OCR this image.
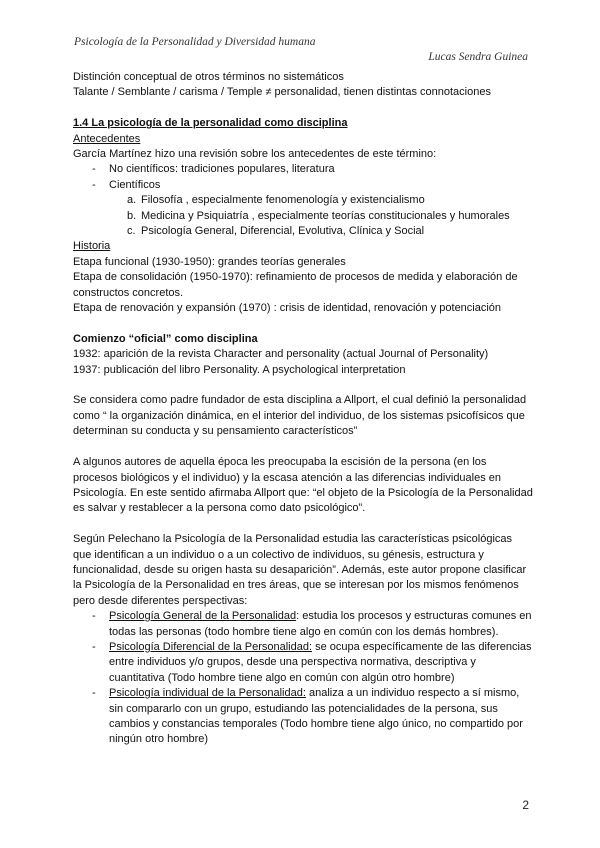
Psicología de la Personalidad y Diversidad humana
Lucas Sendra Guinea

Distinción conceptual de otros términos no sistemáticos

Talante / Semblante / carisma / Temple ≠ personalidad, tienen distintas connotaciones

1.4 La psicología de la personalidad como disciplina

Antecedentes

García Martínez hizo una revisión sobre los antecedentes de este término:

- No científicos: tradiciones populares, literatura
- Científicos
a. Filosofía , especialmente fenomenología y existencialismo
b. Medicina y Psiquiatría , especialmente teorías constitucionales y humorales
c. Psicología General, Diferencial, Evolutiva, Clínica y Social

Historia

Etapa funcional (1930-1950): grandes teorías generales

Etapa de consolidación (1950-1970): refinamiento de procesos de medida y elaboración de constructos concretos.

Etapa de renovación y expansión (1970) : crisis de identidad, renovación y potenciación

Comienzo “oficial” como disciplina

1932: aparición de la revista Character and personality (actual Journal of Personality)

1937: publicación del libro Personality. A psychological interpretation

Se considera como padre fundador de esta disciplina a Allport, el cual definió la personalidad como “ la organización dinámica, en el interior del individuo, de los sistemas psicofísicos que determinan su conducta y su pensamiento característicos”

A algunos autores de aquella época les preocupaba la escisión de la persona (en los procesos biológicos y el individuo) y la escasa atención a las diferencias individuales en Psicología. En este sentido afirmaba Allport que: “el objeto de la Psicología de la Personalidad es salvar y restablecer a la persona como dato psicológico”.

Según Pelechano la Psicología de la Personalidad estudia las características psicológicas que identifican a un individuo o a un colectivo de individuos, su génesis, estructura y funcionalidad, desde su origen hasta su desaparición”. Además, este autor propone clasificar la Psicología de la Personalidad en tres áreas, que se interesan por los mismos fenómenos pero desde diferentes perspectivas:

- Psicología General de la Personalidad: estudia los procesos y estructuras comunes en todas las personas (todo hombre tiene algo en común con los demás hombres).
- Psicología Diferencial de la Personalidad: se ocupa específicamente de las diferencias entre individuos y/o grupos, desde una perspectiva normativa, descriptiva y cuantitativa (Todo hombre tiene algo en común con algún otro hombre)
- Psicología individual de la Personalidad: analiza a un individuo respecto a sí mismo, sin compararlo con un grupo, estudiando las potencialidades de la persona, sus cambios y constancias temporales (Todo hombre tiene algo único, no compartido por ningún otro hombre)
2
